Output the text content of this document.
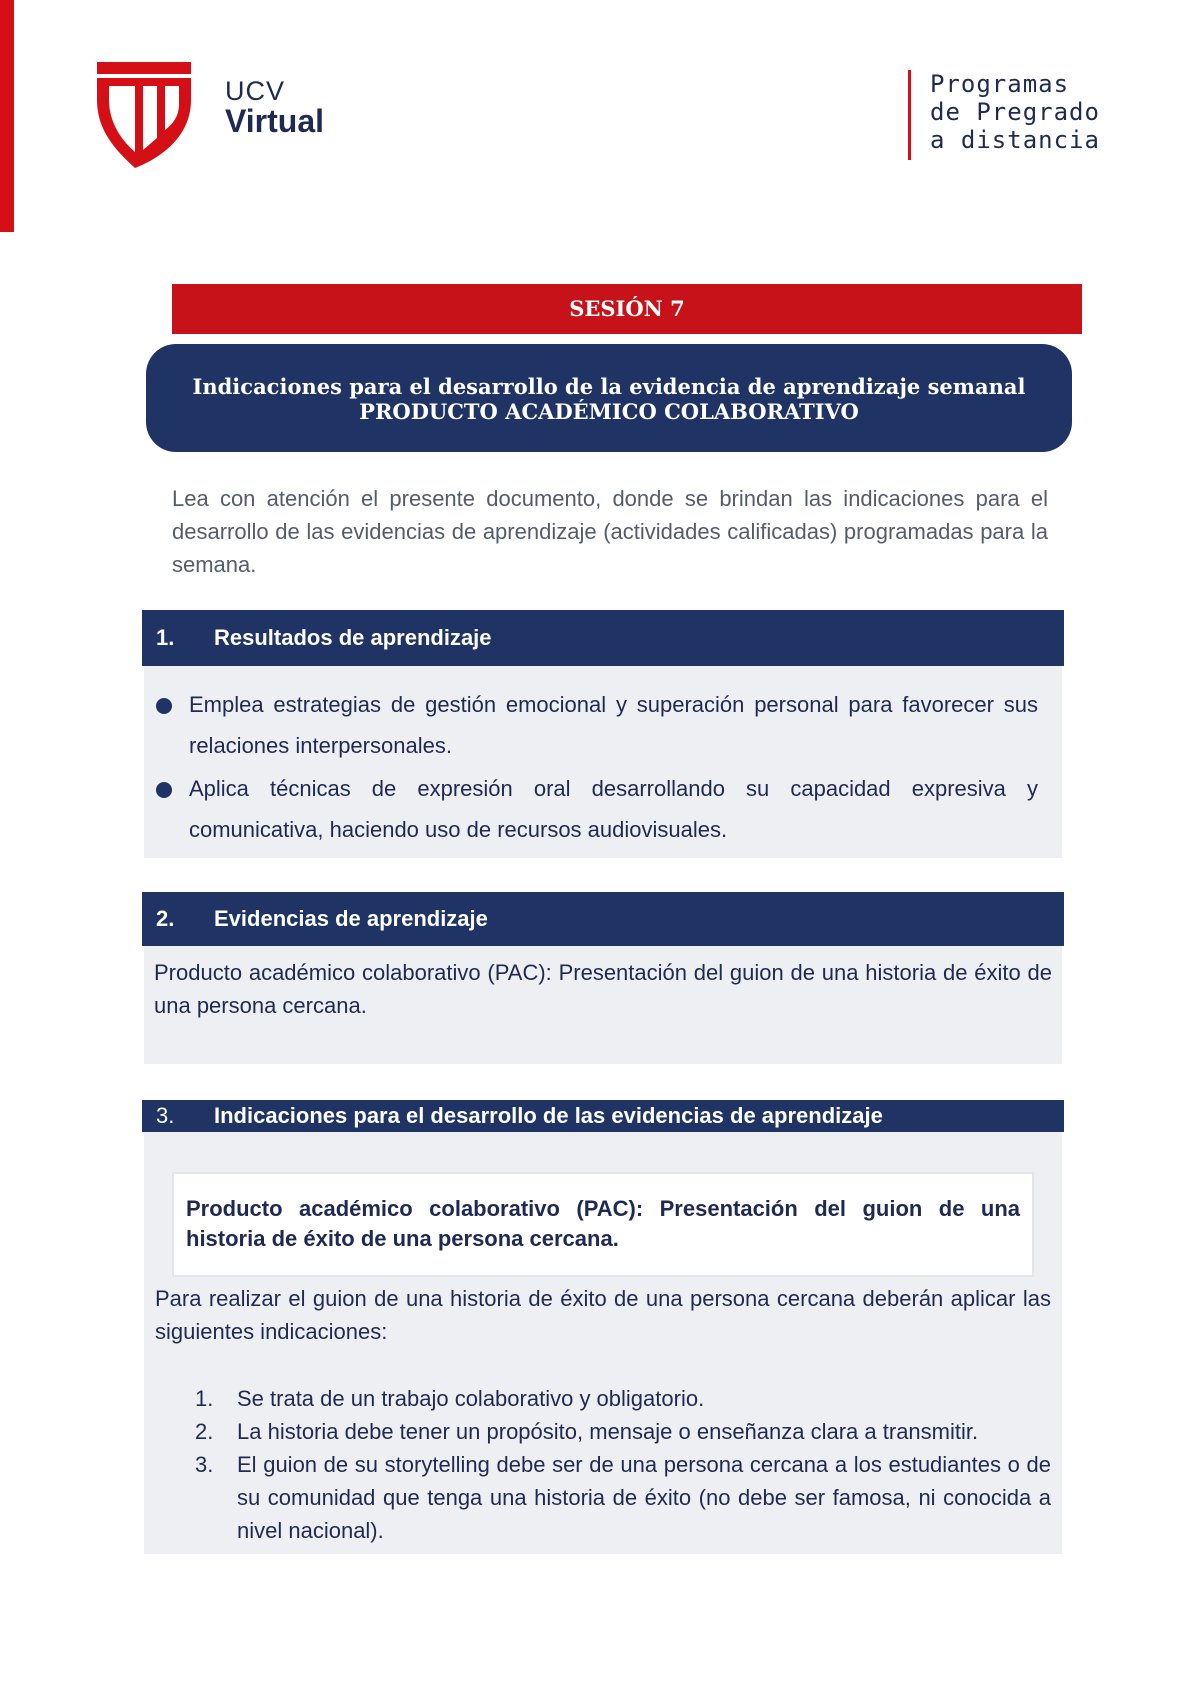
UCV
Virtual
Programas
de Pregrado
a distancia
SESIÓN 7
Indicaciones para el desarrollo de la evidencia de aprendizaje semanal
PRODUCTO ACADÉMICO COLABORATIVO
Lea con atención el presente documento, donde se brindan las indicaciones para el desarrollo de las evidencias de aprendizaje (actividades calificadas) programadas para la semana.
1.	Resultados de aprendizaje
Emplea estrategias de gestión emocional y superación personal para favorecer sus relaciones interpersonales.
Aplica técnicas de expresión oral desarrollando su capacidad expresiva y comunicativa, haciendo uso de recursos audiovisuales.
2.	Evidencias de aprendizaje
Producto académico colaborativo (PAC): Presentación del guion de una historia de éxito de una persona cercana.
3.	Indicaciones para el desarrollo de las evidencias de aprendizaje
Producto académico colaborativo (PAC): Presentación del guion de una historia de éxito de una persona cercana.
Para realizar el guion de una historia de éxito de una persona cercana deberán aplicar las siguientes indicaciones:
1. Se trata de un trabajo colaborativo y obligatorio.
2. La historia debe tener un propósito, mensaje o enseñanza clara a transmitir.
3. El guion de su storytelling debe ser de una persona cercana a los estudiantes o de su comunidad que tenga una historia de éxito (no debe ser famosa, ni conocida a nivel nacional).
